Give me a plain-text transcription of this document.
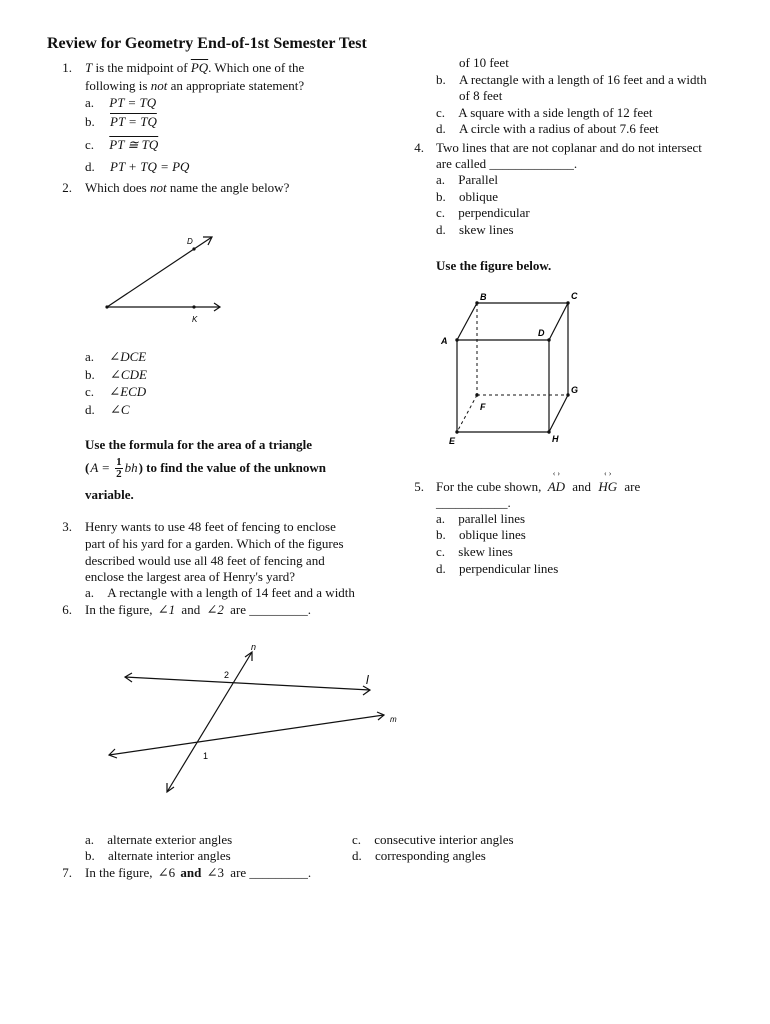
Review for Geometry End-of-1st Semester Test
1. T is the midpoint of $\overline{PQ}$. Which one of the
following is not an appropriate statement?
a. PT = TQ
b. PT = TQ
c. PT ≅ TQ
d. PT + TQ = PQ
2. Which does not name the angle below?
D
K
a. ∠ DCE
b. ∠ CDE
c. ∠ ECD
d. ∠ C
Use the formula for the area of a triangle
( $A = \frac{1}{2}$ bh ) to find the value of the unknown
variable.
3. Henry wants to use 48 feet of fencing to enclose
part of his yard for a garden. Which of the figures
described would use all 48 feet of fencing and
enclose the largest area of Henry's yard?
a. A rectangle with a length of 14 feet and a width
of 10 feet
b. A rectangle with a length of 16 feet and a width
of 8 feet
c. A square with a side length of 12 feet
d. A circle with a radius of about 7.6 feet
4. Two lines that are not coplanar and do not intersect
are called _____________.
a. Parallel
b. oblique
c. perpendicular
d. skew lines
Use the figure below.
A
B	C
D
E
F
G
H
5. For the cube shown,
‹ ›
AD and
‹ ›
HG are
___________.
a. parallel lines
b. oblique lines
c. skew lines
d. perpendicular lines
6. In the figure, ∠ 1 and ∠ 2 are _________.
n
l
m
2
1
a. alternate exterior angles
b. alternate interior angles
c. consecutive interior angles
d. corresponding angles
7. In the figure, ∠ 6 and ∠ 3 are _________.
